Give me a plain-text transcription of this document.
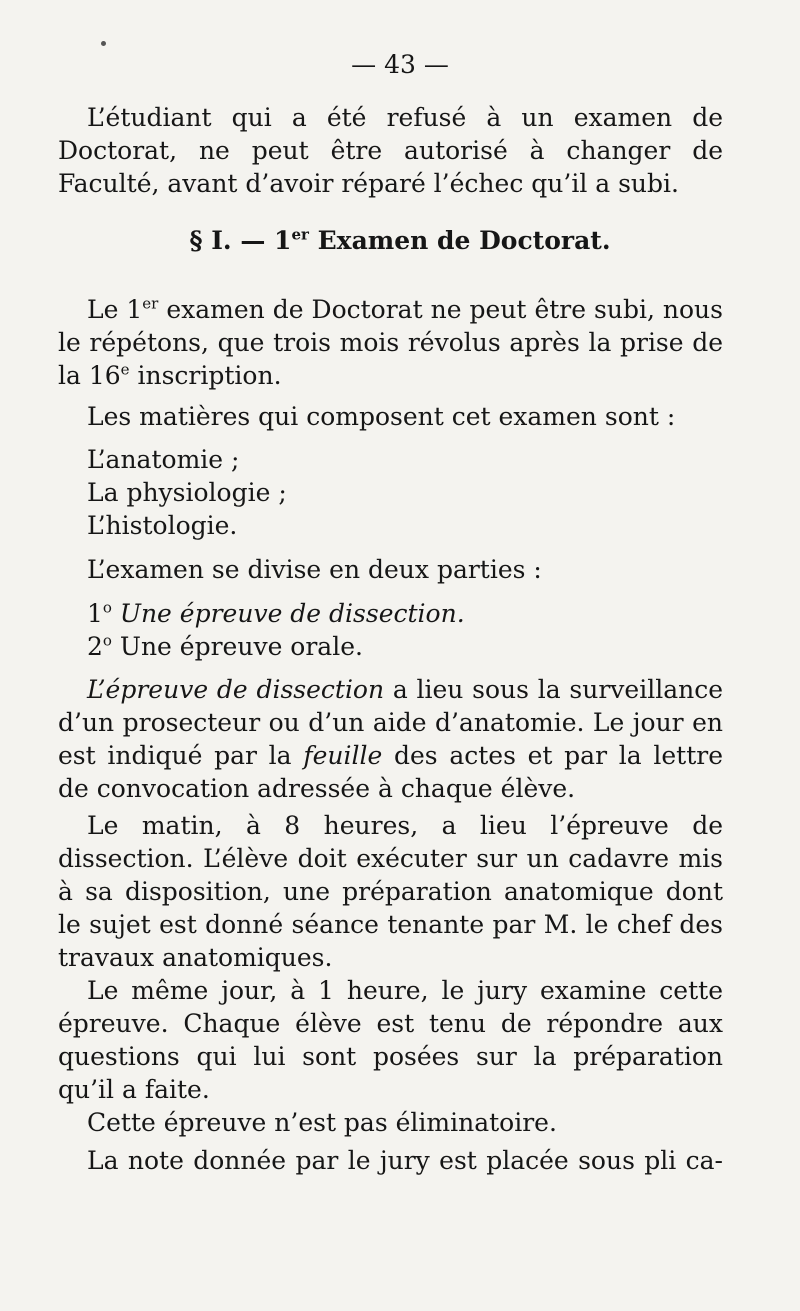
— 43 —

L’étudiant qui a été refusé à un examen de Doctorat, ne peut être autorisé à changer de Faculté, avant d’avoir réparé l’échec qu’il a subi.

§ I. — 1er Examen de Doctorat.

Le 1er examen de Doctorat ne peut être subi, nous le répétons, que trois mois révolus après la prise de la 16e inscription.

Les matières qui composent cet examen sont :

L’anatomie ;

La physiologie ;

L’histologie.

L’examen se divise en deux parties :

1$^o$ Une épreuve de dissection.

2$^o$ Une épreuve orale.

L’épreuve de dissection a lieu sous la surveillance d’un prosecteur ou d’un aide d’anatomie. Le jour en est indiqué par la feuille des actes et par la lettre de convocation adressée à chaque élève.

Le matin, à 8 heures, a lieu l’épreuve de dissection. L’élève doit exécuter sur un cadavre mis à sa disposition, une préparation anatomique dont le sujet est donné séance tenante par M. le chef des travaux anatomiques.

Le même jour, à 1 heure, le jury examine cette épreuve. Chaque élève est tenu de répondre aux questions qui lui sont posées sur la préparation qu’il a faite.

Cette épreuve n’est pas éliminatoire.

La note donnée par le jury est placée sous pli ca-
